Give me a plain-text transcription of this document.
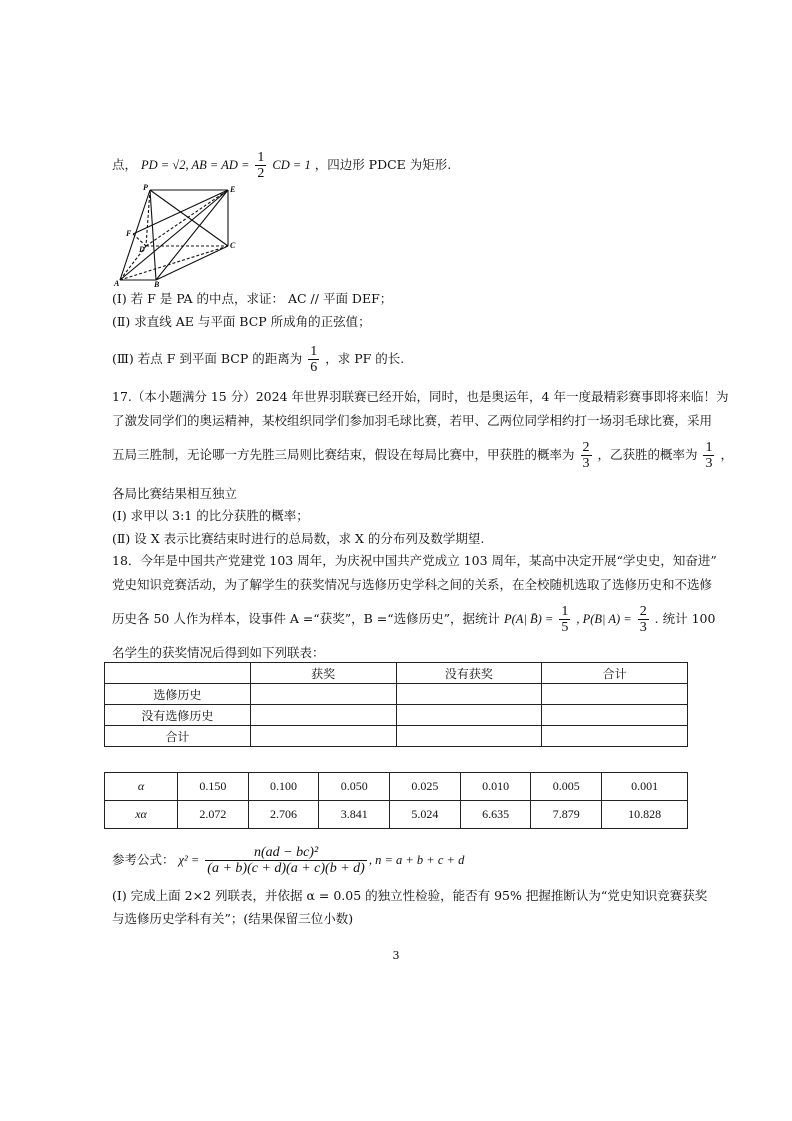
点， PD = √2, AB = AD = $\frac{1}{2}$ CD = 1 ，四边形 PDCE 为矩形.
P	E
F
D	C
A	B
(Ⅰ) 若 F 是 PA 的中点，求证： AC // 平面 DEF；
(Ⅱ) 求直线 AE 与平面 BCP 所成角的正弦值；
(Ⅲ) 若点 F 到平面 BCP 的距离为 $\frac{1}{6}$ ，求 PF 的长.
17.（本小题满分 15 分）2024 年世界羽联赛已经开始，同时，也是奥运年，4 年一度最精彩赛事即将来临！为
了激发同学们的奥运精神，某校组织同学们参加羽毛球比赛，若甲、乙两位同学相约打一场羽毛球比赛，采用
五局三胜制，无论哪一方先胜三局则比赛结束，假设在每局比赛中，甲获胜的概率为 $\frac{2}{3}$ ，乙获胜的概率为 $\frac{1}{3}$ ，
各局比赛结果相互独立
(Ⅰ) 求甲以 3:1 的比分获胜的概率；
(Ⅱ) 设 X 表示比赛结束时进行的总局数，求 X 的分布列及数学期望.
18．今年是中国共产党建党 103 周年，为庆祝中国共产党成立 103 周年，某高中决定开展“学史史，知奋进”
党史知识竞赛活动，为了解学生的获奖情况与选修历史学科之间的关系，在全校随机选取了选修历史和不选修
历史各 50 人作为样本，设事件 A =“获奖”，B =“选修历史”，据统计 P(A| B̄) = $\frac{1}{5}$ , P(B| $A) = \frac{2}{3}$ . 统计 100
名学生的获奖情况后得到如下列联表：
	获奖	没有获奖	合计
选修历史			
没有选修历史			
合计			
α	0.150	0.100	0.050	0.025	0.010	0.005	0.001
xα	2.072	2.706	3.841	5.024	6.635	7.879	10.828
参考公式： $\chi^2 = \frac{\text{n(ad − bc)²}}{(a + b)(c + d)(a + c)(b + d)}$ , n = a + b + c + d
(Ⅰ) 完成上面 2×2 列联表，并依据 α = 0.05 的独立性检验，能否有 95% 把握推断认为“党史知识竞赛获奖
与选修历史学科有关”；(结果保留三位小数)
3
